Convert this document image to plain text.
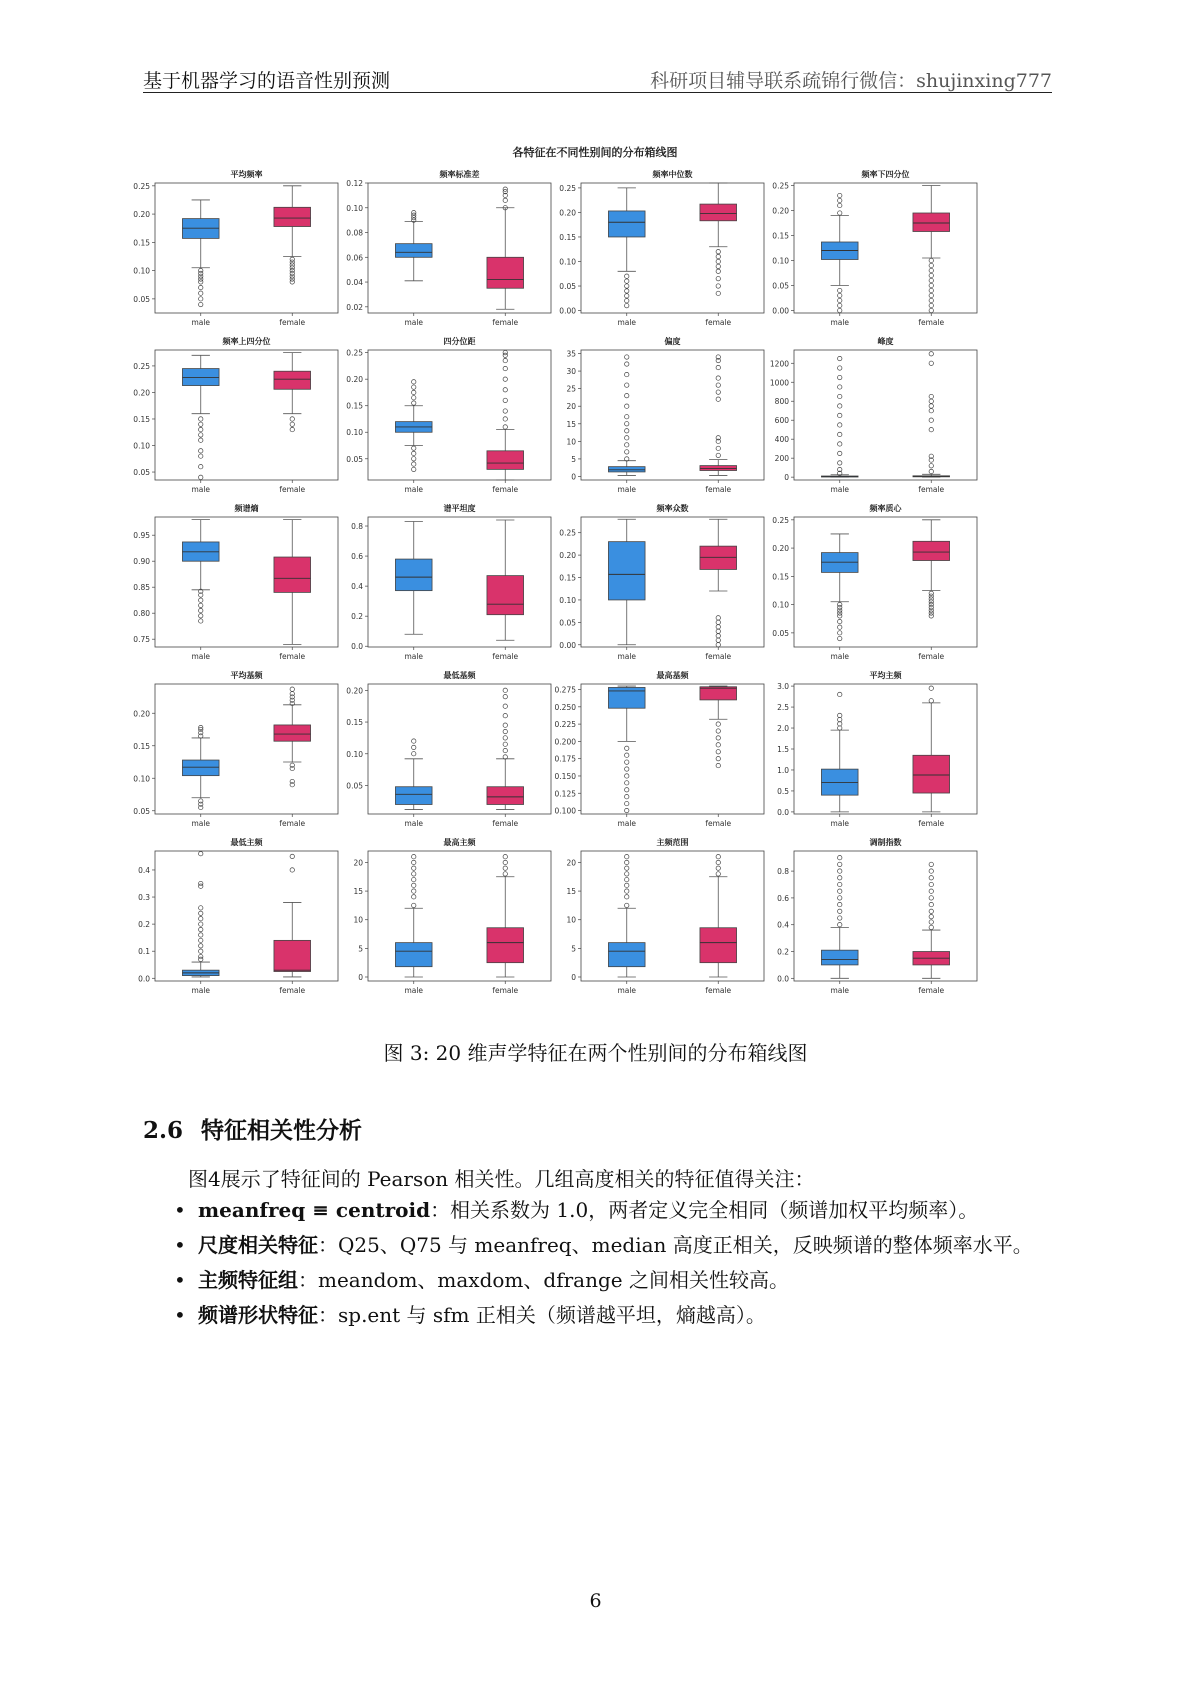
基于机器学习的语音性别预测	科研项目辅导联系疏锦行微信：shujinxing777
各特征在不同性别间的分布箱线图
平均频率
0.05
0.10
0.15
0.20
0.25
male	female
频率标准差
0.02
0.04
0.06
0.08
0.10
0.12
male	female
频率中位数
0.00
0.05
0.10
0.15
0.20
0.25
male	female
频率下四分位
0.00
0.05
0.10
0.15
0.20
0.25
male	female
频率上四分位
0.05
0.10
0.15
0.20
0.25
male	female
四分位距
0.05
0.10
0.15
0.20
0.25
male	female
偏度
0
5
10
15
20
25
30
35
male	female
峰度
0
200
400
600
800
1000
1200
male	female
频谱熵
0.75
0.80
0.85
0.90
0.95
male	female
谱平坦度
0.0
0.2
0.4
0.6
0.8
male	female
频率众数
0.00
0.05
0.10
0.15
0.20
0.25
male	female
频率质心
0.05
0.10
0.15
0.20
0.25
male	female
平均基频
0.05
0.10
0.15
0.20
male	female
最低基频
0.05
0.10
0.15
0.20
male	female
最高基频
0.100
0.125
0.150
0.175
0.200
0.225
0.250
0.275
male	female
平均主频
0.0
0.5
1.0
1.5
2.0
2.5
3.0
male	female
最低主频
0.0
0.1
0.2
0.3
0.4
male	female
最高主频
0
5
10
15
20
male	female
主频范围
0
5
10
15
20
male	female
调制指数
0.0
0.2
0.4
0.6
0.8
male	female
图 3: 20 维声学特征在两个性别间的分布箱线图
2.6 特征相关性分析
图4展示了特征间的 Pearson 相关性。几组高度相关的特征值得关注：
• meanfreq ≡ centroid：相关系数为 1.0，两者定义完全相同（频谱加权平均频率）。
• 尺度相关特征：Q25、Q75 与 meanfreq、median 高度正相关，反映频谱的整体频率水平。
• 主频特征组：meandom、maxdom、dfrange 之间相关性较高。
• 频谱形状特征：sp.ent 与 sfm 正相关（频谱越平坦，熵越高）。
6
